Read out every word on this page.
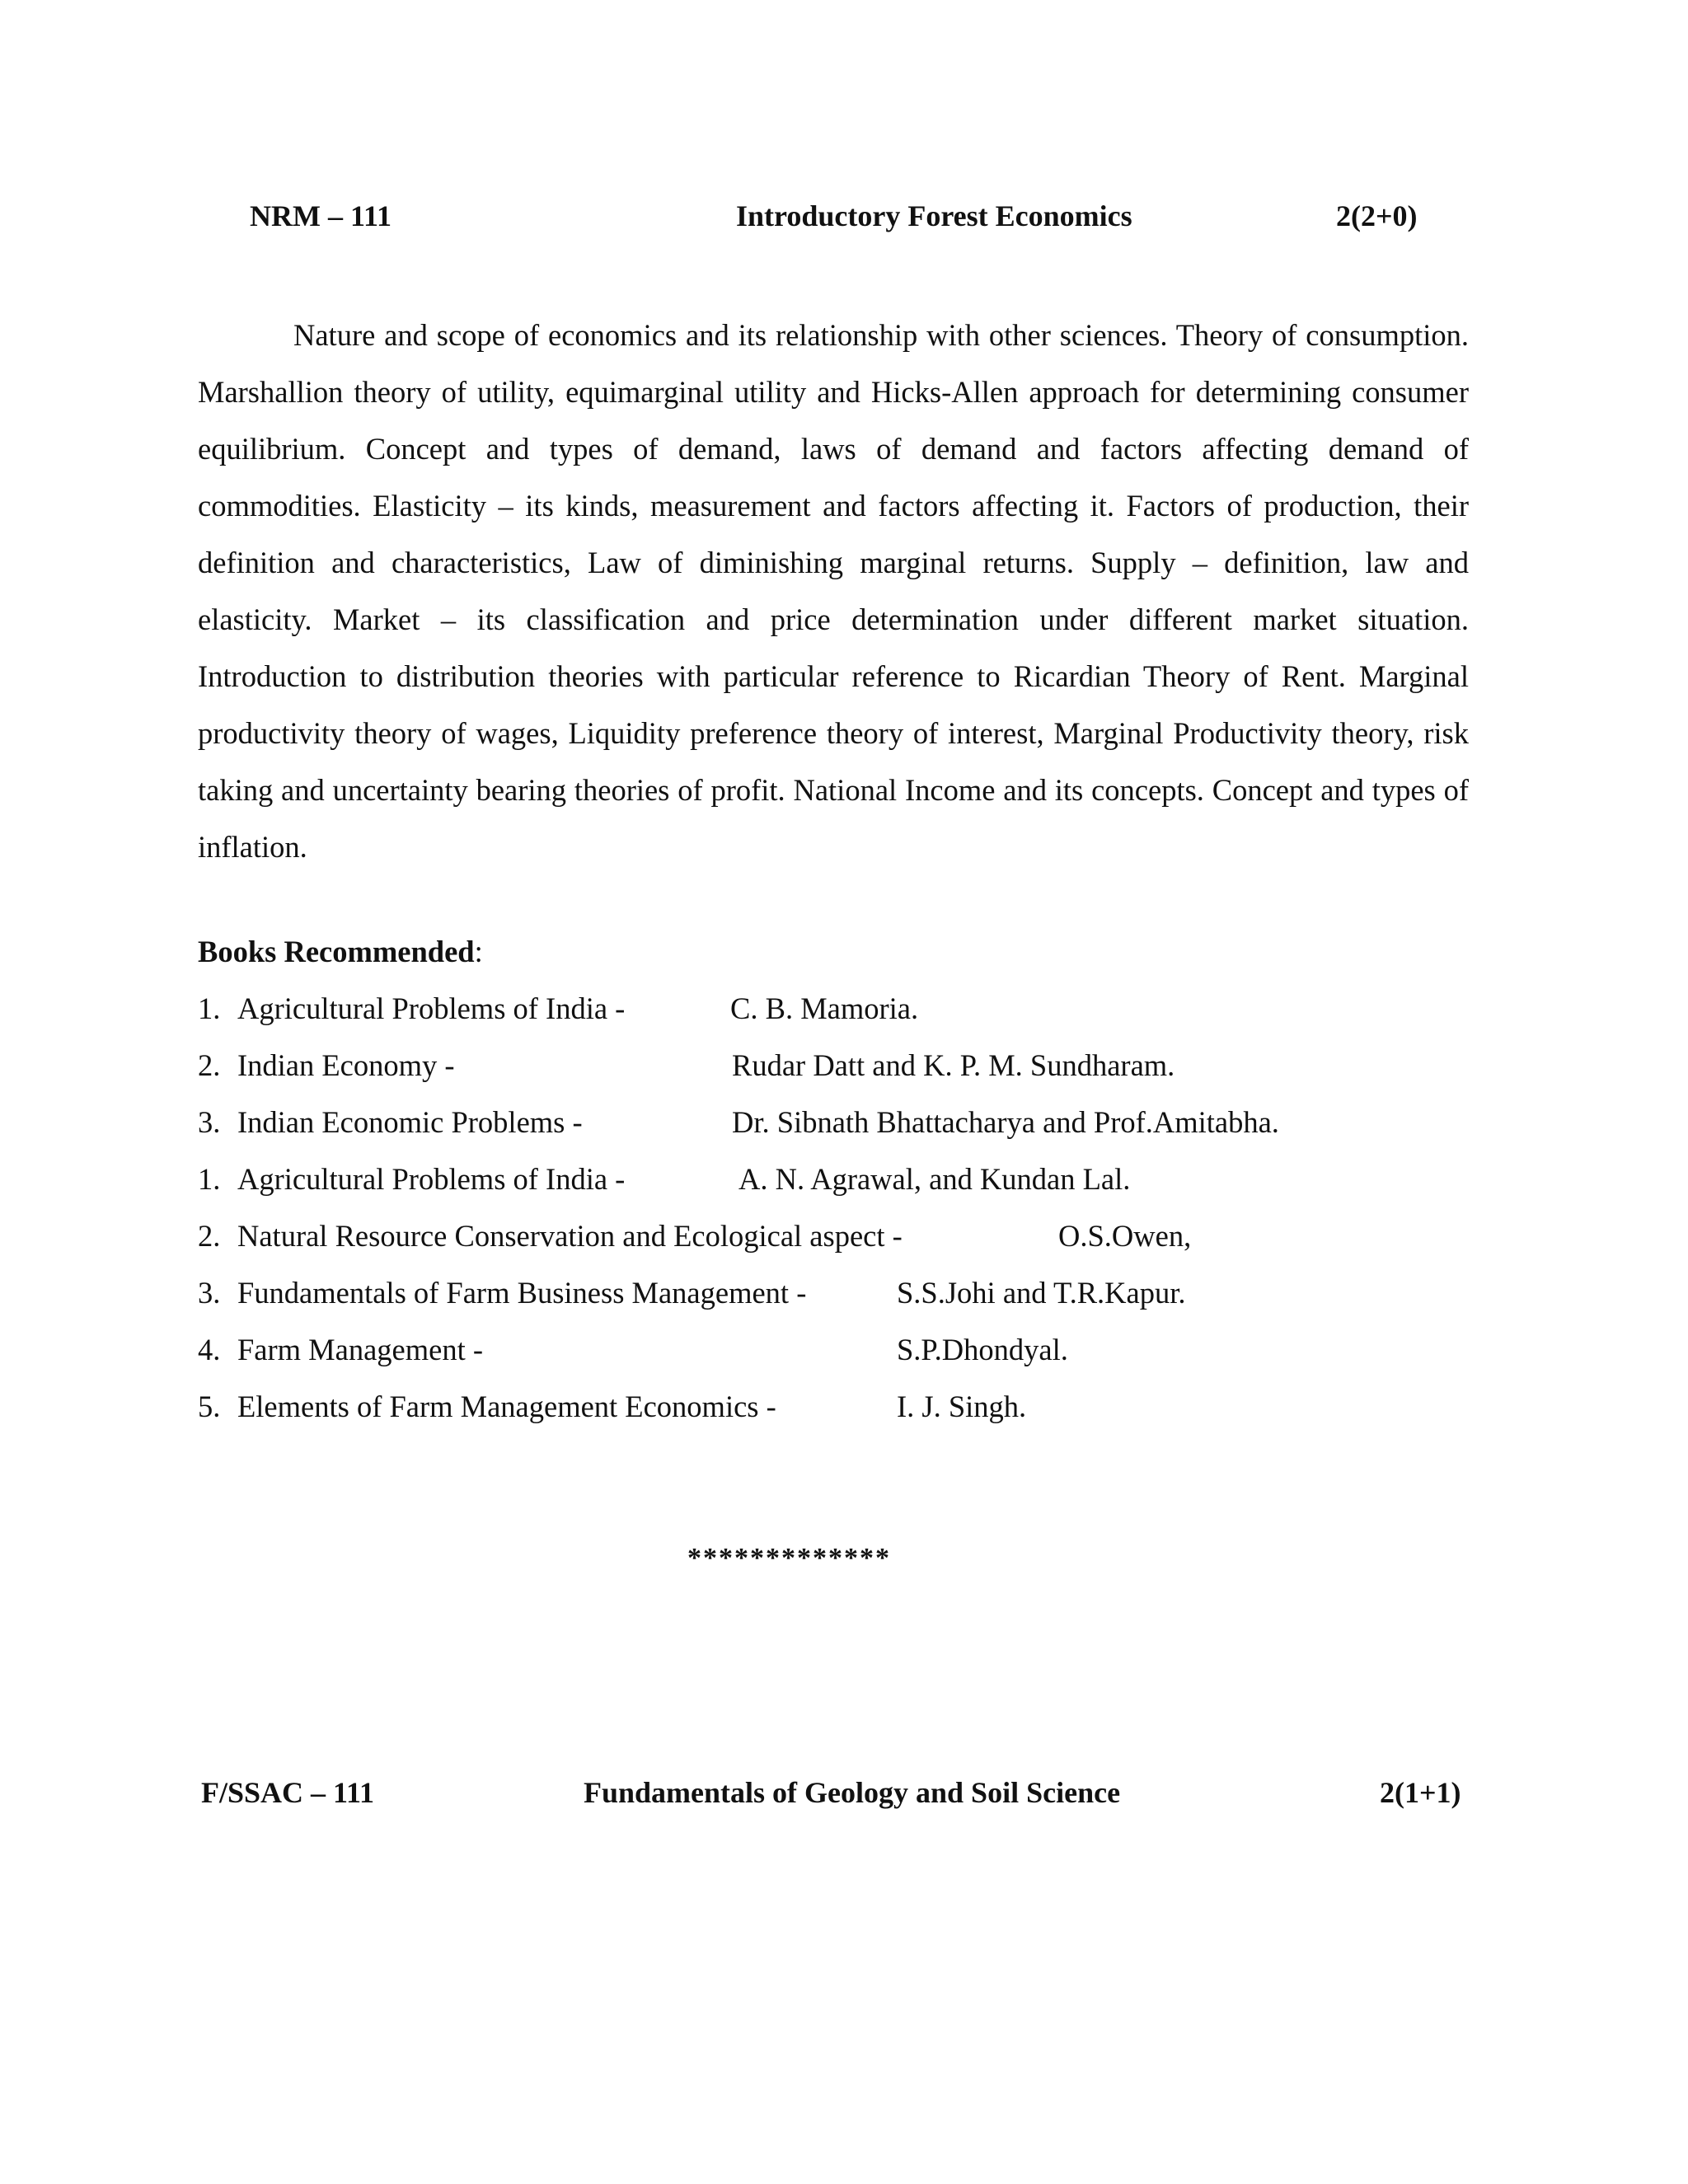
NRM – 111	Introductory Forest Economics	2(2+0)

Nature and scope of economics and its relationship with other sciences. Theory of consumption. Marshallion theory of utility, equimarginal utility and Hicks-Allen approach for determining consumer equilibrium. Concept and types of demand, laws of demand and factors affecting demand of commodities. Elasticity – its kinds, measurement and factors affecting it. Factors of production, their definition and characteristics, Law of diminishing marginal returns. Supply – definition, law and elasticity. Market – its classification and price determination under different market situation. Introduction to distribution theories with particular reference to Ricardian Theory of Rent. Marginal productivity theory of wages, Liquidity preference theory of interest, Marginal Productivity theory, risk taking and uncertainty bearing theories of profit. National Income and its concepts. Concept and types of inflation.

Books Recommended:
1. Agricultural Problems of India -	C. B. Mamoria.
2. Indian Economy -	Rudar Datt and K. P. M. Sundharam.
3. Indian Economic Problems -	Dr. Sibnath Bhattacharya and Prof.Amitabha.
1. Agricultural Problems of India -	A. N. Agrawal, and Kundan Lal.
2. Natural Resource Conservation and Ecological aspect -	O.S.Owen,
3. Fundamentals of Farm Business Management -	S.S.Johi and T.R.Kapur.
4. Farm Management -	S.P.Dhondyal.
5. Elements of Farm Management Economics -	I. J. Singh.
*************
F/SSAC – 111	Fundamentals of Geology and Soil Science	2(1+1)
